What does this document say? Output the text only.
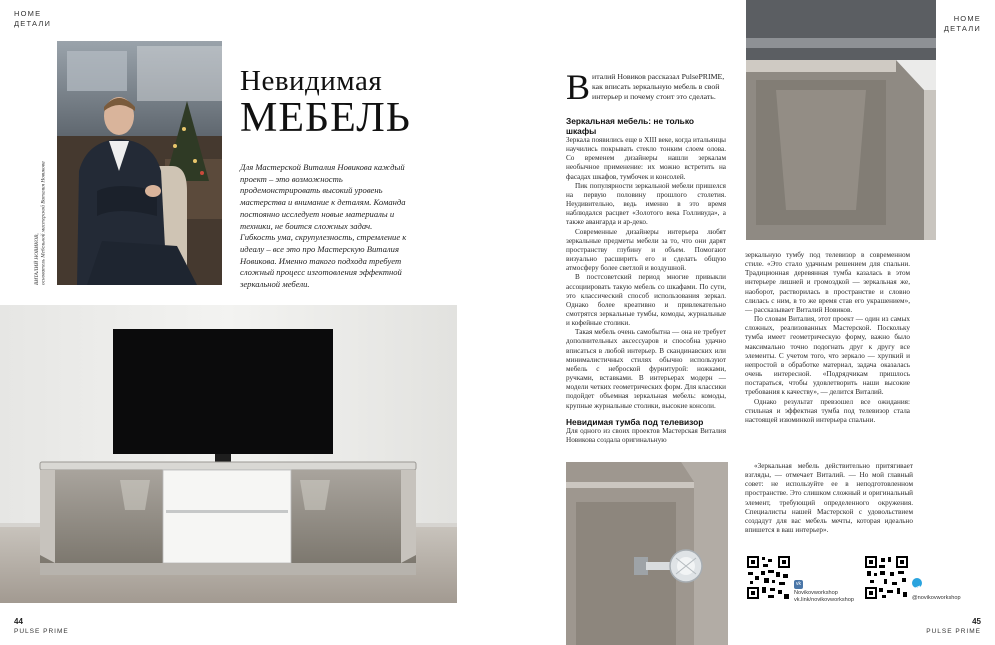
HOME
ДЕТАЛИ
ВИТАЛИЙ НОВИКОВ,
основатель Мебельной мастерской Виталия Новикова
Невидимая
МЕБЕЛЬ
Для Мастерской Виталия Новикова каждый проект – это возможность продемонстрировать высокий уровень мастерства и внимание к деталям. Команда постоянно исследует новые материалы и техники, не боится сложных задач. Гибкость ума, скрупулезность, стремление к идеалу – все это про Мастерскую Виталия Новикова. Именно такого подхода требует сложный процесс изготовления эффектной зеркальной мебели.
44
PULSE PRIME
HOME
ДЕТАЛИ
Виталий Новиков рассказал PulsePRIME, как вписать зеркальную мебель в свой интерьер и почему стоит это сделать.
Зеркальная мебель: не только шкафы

Зеркала появились еще в XIII веке, когда итальянцы научились покрывать стекло тонким слоем олова. Со временем дизайнеры нашли зеркалам необычное применение: их можно встретить на фасадах шкафов, тумбочек и консолей.

Пик популярности зеркальной мебели пришелся на первую половину прошлого столетия. Неудивительно, ведь именно в это время наблюдался расцвет «Золотого века Голливуда», а также авангарда и ар-деко.

Современные дизайнеры интерьера любят зеркальные предметы мебели за то, что они дарят пространству глубину и объем. Помогают визуально расширить его и сделать общую атмосферу более светлой и воздушной.

В постсоветский период многие привыкли ассоциировать такую мебель со шкафами. По сути, это классический способ использования зеркал. Однако более креативно и привлекательно смотрятся зеркальные тумбы, комоды, журнальные и кофейные столики.

Такая мебель очень самобытна — она не требует дополнительных аксессуаров и способна удачно вписаться в любой интерьер. В скандинавских или минималистичных стилях обычно используют мебель с неброской фурнитурой: ножками, ручками, вставками. В интерьерах модерн — модели четких геометрических форм. Для классики подойдет объемная зеркальная мебель: комоды, крупные журнальные столики, высокие консоли.

Невидимая тумба под телевизор

Для одного из своих проектов Мастерская Виталия Новикова создала оригинальную

зеркальную тумбу под телевизор в современном стиле. «Это стало удачным решением для спальни. Традиционная деревянная тумба казалась в этом интерьере лишней и громоздкой — зеркальная же, наоборот, растворилась в пространстве и словно слилась с ним, в то же время став его украшением», — рассказывает Виталий Новиков.

По словам Виталия, этот проект — один из самых сложных, реализованных Мастерской. Поскольку тумба имеет геометрическую форму, важно было максимально точно подогнать друг к другу все элементы. С учетом того, что зеркало — хрупкий и непростой в обработке материал, задача оказалась очень интересной. «Подрядчикам пришлось постараться, чтобы удовлетворить наши высокие требования к качеству», — делится Виталий.

Однако результат превзошел все ожидания: стильная и эффектная тумба под телевизор стала настоящей изюминкой интерьера спальни.

«Зеркальная мебель действительно притягивает взгляды, — отмечает Виталий. — Но мой главный совет: не используйте ее в неподготовленном пространстве. Это слишком сложный и оригинальный элемент, требующий определенного окружения. Специалисты нашей Мастерской с удовольствием создадут для вас мебель мечты, которая идеально впишется в ваш интерьер».

vk
Novikovworkshop
vk.link/novikovworkshop	@novikovworkshop
45
PULSE PRIME
